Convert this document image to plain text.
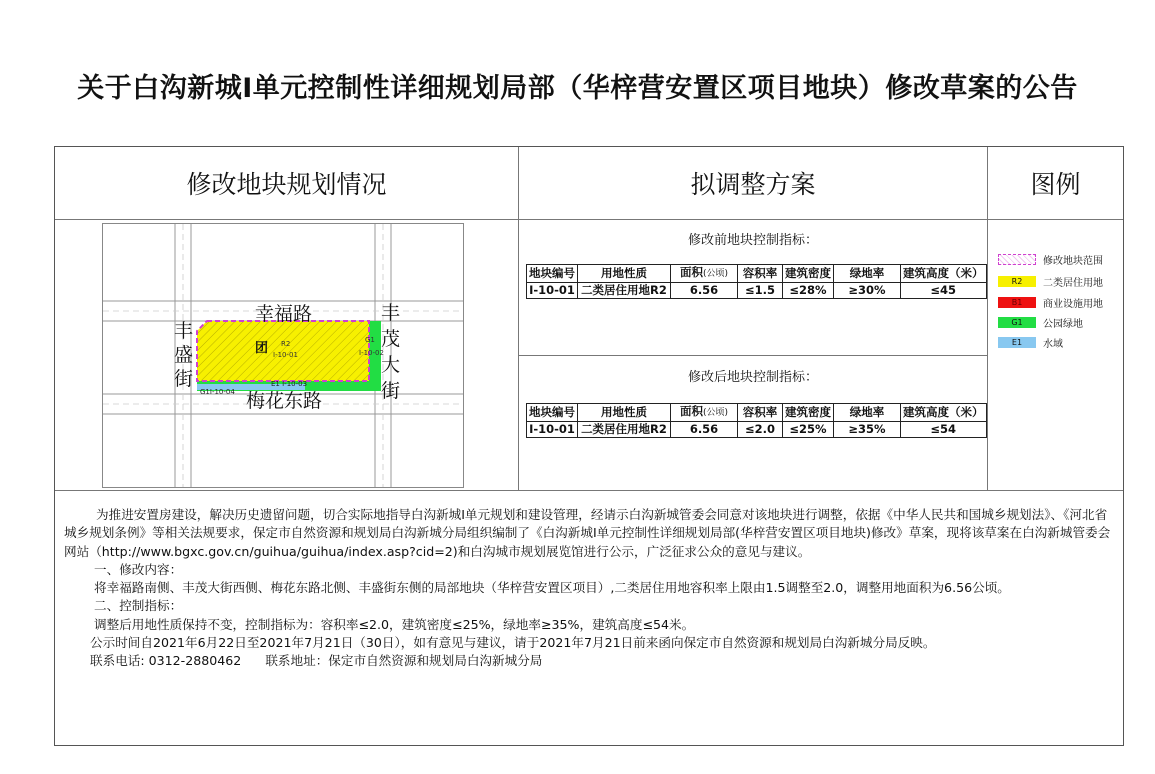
关于白沟新城I单元控制性详细规划局部（华梓营安置区项目地块）修改草案的公告
修改地块规划情况	拟调整方案	图例
团 R2
I-10-01
G1
I-10-02
G1I-10-04
E1 I-10-03
幸福路
梅花东路
丰
盛
街
丰
茂
大
街
修改前地块控制指标：
地块编号	用地性质	面积(公顷)	容积率	建筑密度	绿地率	建筑高度（米）
I-10-01	二类居住用地R2	6.56	≤1.5	≤28%	≥30%	≤45
修改后地块控制指标：
地块编号	用地性质	面积(公顷)	容积率	建筑密度	绿地率	建筑高度（米）
I-10-01	二类居住用地R2	6.56	≤2.0	≤25%	≥35%	≤54
修改地块范围
R2	二类居住用地
B1	商业设施用地
G1	公园绿地
E1	水域

为推进安置房建设，解决历史遗留问题，切合实际地指导白沟新城I单元规划和建设管理，经请示白沟新城管委会同意对该地块进行调整，依据《中华人民共和国城乡规划法》、《河北省城乡规划条例》等相关法规要求，保定市自然资源和规划局白沟新城分局组织编制了《白沟新城I单元控制性详细规划局部(华梓营安置区项目地块)修改》草案，现将该草案在白沟新城管委会网站（http://www.bgxc.gov.cn/guihua/guihua/index.asp?cid=2)和白沟城市规划展览馆进行公示，广泛征求公众的意见与建议。

一、修改内容：

将幸福路南侧、丰茂大街西侧、梅花东路北侧、丰盛街东侧的局部地块（华梓营安置区项目）,二类居住用地容积率上限由1.5调整至2.0，调整用地面积为6.56公顷。

二、控制指标：

调整后用地性质保持不变，控制指标为：容积率≤2.0，建筑密度≤25%，绿地率≥35%，建筑高度≤54米。

公示时间自2021年6月22日至2021年7月21日（30日），如有意见与建议，请于2021年7月21日前来函向保定市自然资源和规划局白沟新城分局反映。

联系电话: 0312-2880462 联系地址：保定市自然资源和规划局白沟新城分局
